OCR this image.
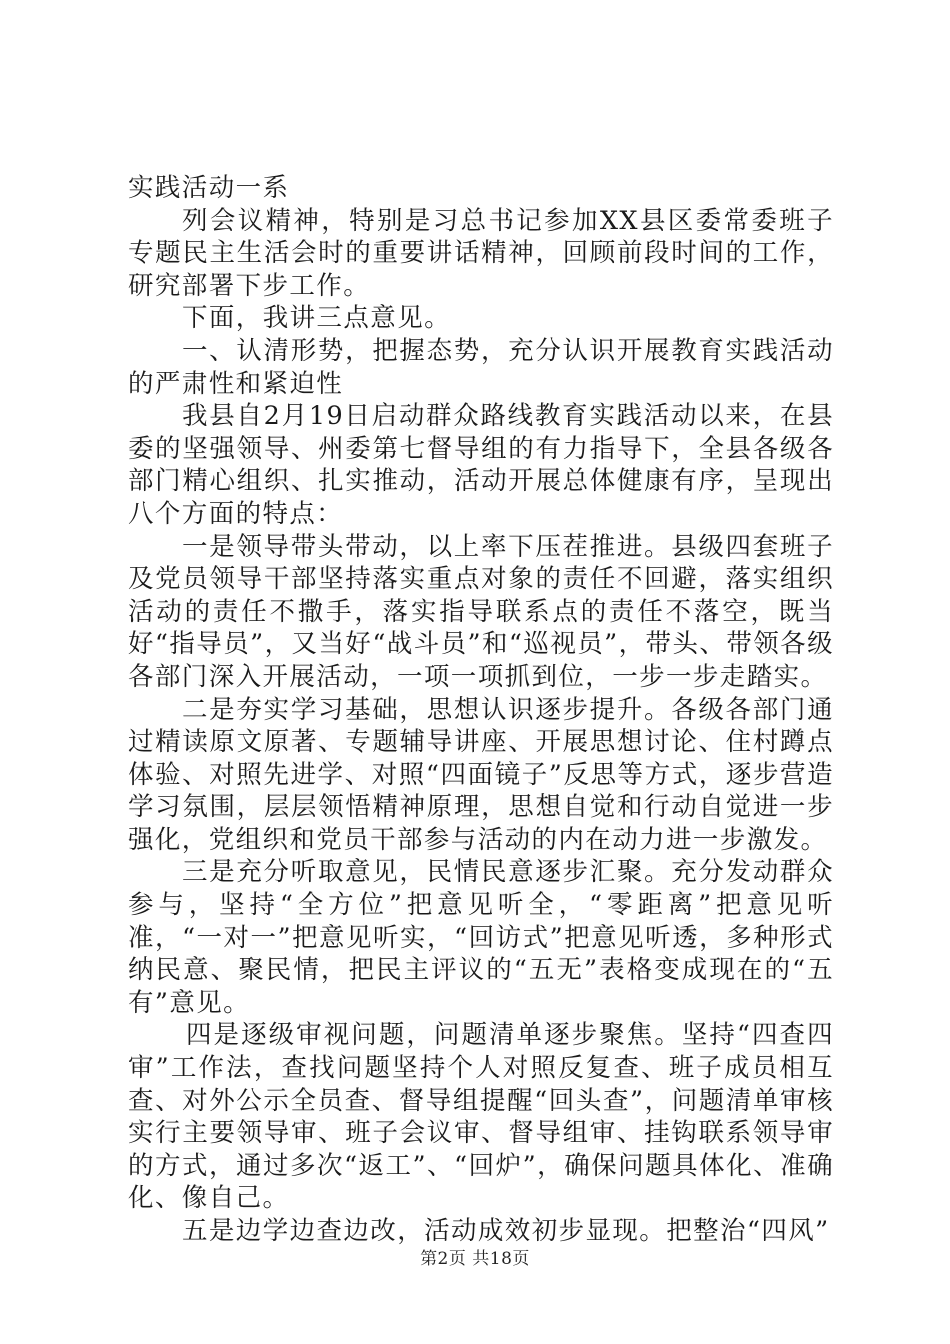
实践活动一系

列会议精神，特别是习总书记参加XX县区委常委班子专题民主生活会时的重要讲话精神，回顾前段时间的工作，研究部署下步工作。

下面，我讲三点意见。

一、认清形势，把握态势，充分认识开展教育实践活动的严肃性和紧迫性

我县自2月19日启动群众路线教育实践活动以来，在县委的坚强领导、州委第七督导组的有力指导下，全县各级各部门精心组织、扎实推动，活动开展总体健康有序，呈现出八个方面的特点：

一是领导带头带动，以上率下压茬推进。县级四套班子及党员领导干部坚持落实重点对象的责任不回避，落实组织活动的责任不撒手，落实指导联系点的责任不落空，既当好“指导员”，又当好“战斗员”和“巡视员”，带头、带领各级各部门深入开展活动，一项一项抓到位，一步一步走踏实。

二是夯实学习基础，思想认识逐步提升。各级各部门通过精读原文原著、专题辅导讲座、开展思想讨论、住村蹲点体验、对照先进学、对照“四面镜子”反思等方式，逐步营造学习氛围，层层领悟精神原理，思想自觉和行动自觉进一步强化，党组织和党员干部参与活动的内在动力进一步激发。

三是充分听取意见，民情民意逐步汇聚。充分发动群众参与，坚持“全方位”把意见听全，“零距离”把意见听准，“一对一”把意见听实，“回访式”把意见听透，多种形式纳民意、聚民情，把民主评议的“五无”表格变成现在的“五有”意见。

四是逐级审视问题，问题清单逐步聚焦。坚持“四查四审”工作法，查找问题坚持个人对照反复查、班子成员相互查、对外公示全员查、督导组提醒“回头查”，问题清单审核实行主要领导审、班子会议审、督导组审、挂钩联系领导审的方式，通过多次“返工”、“回炉”，确保问题具体化、准确化、像自己。

五是边学边查边改，活动成效初步显现。把整治“四风”

第2页 共18页
